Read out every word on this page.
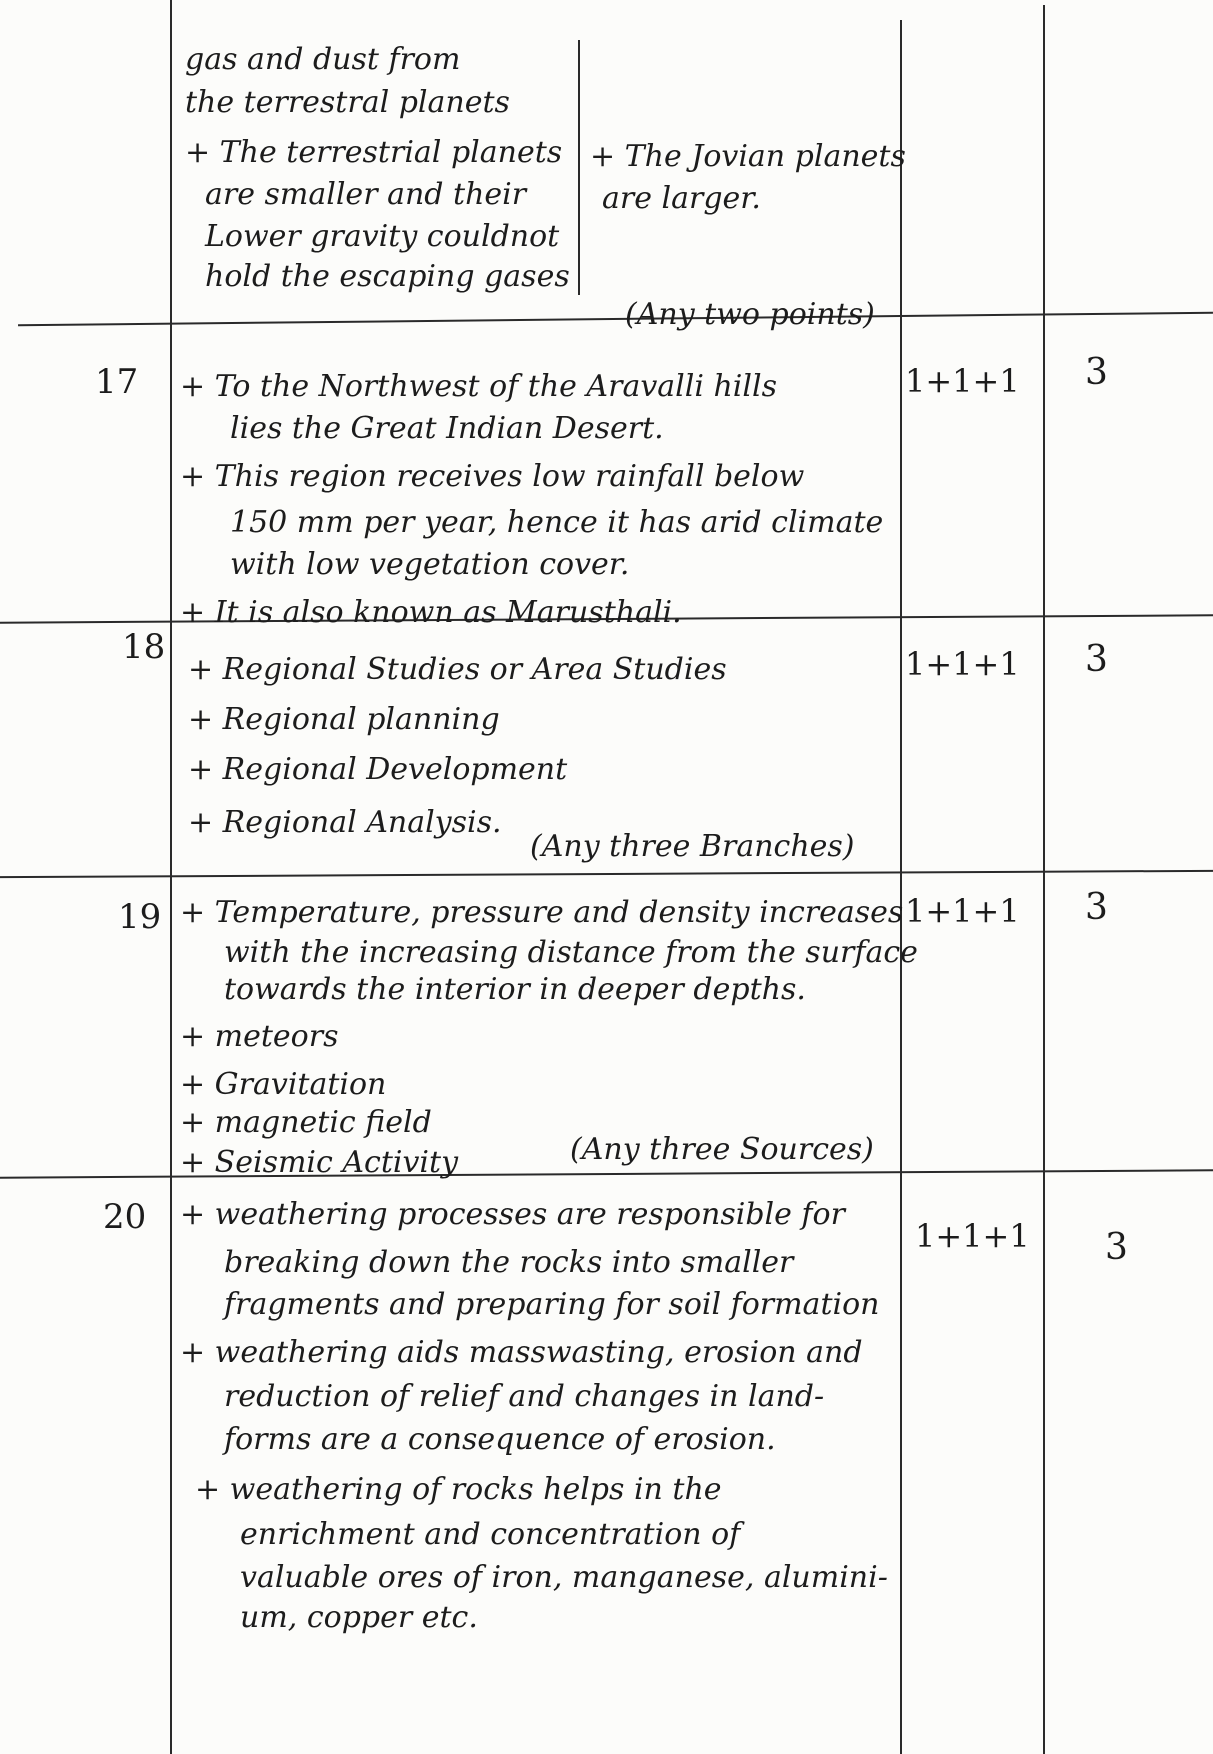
gas and dust from
the terrestral planets
+ The terrestrial planets
are smaller and their
Lower gravity couldnot
hold the escaping gases
+ The Jovian planets
are larger.
(Any two points)
17 + To the Northwest of the Aravalli hills
lies the Great Indian Desert.
+ This region receives low rainfall below
150 mm per year, hence it has arid climate
with low vegetation cover.
+ It is also known as Marusthali.
1+1+1 3
18
+ Regional Studies or Area Studies
+ Regional planning
+ Regional Development
+ Regional Analysis.
(Any three Branches)
1+1+1 3
19 + Temperature, pressure and density increases
with the increasing distance from the surface
towards the interior in deeper depths.
+ meteors
+ Gravitation
+ magnetic field
+ Seismic Activity	(Any three Sources)
1+1+1 3
20 + weathering processes are responsible for
breaking down the rocks into smaller
fragments and preparing for soil formation
+ weathering aids masswasting, erosion and
reduction of relief and changes in land-
forms are a consequence of erosion.
+ weathering of rocks helps in the
enrichment and concentration of
valuable ores of iron, manganese, alumini-
um, copper etc.
1+1+1 3
